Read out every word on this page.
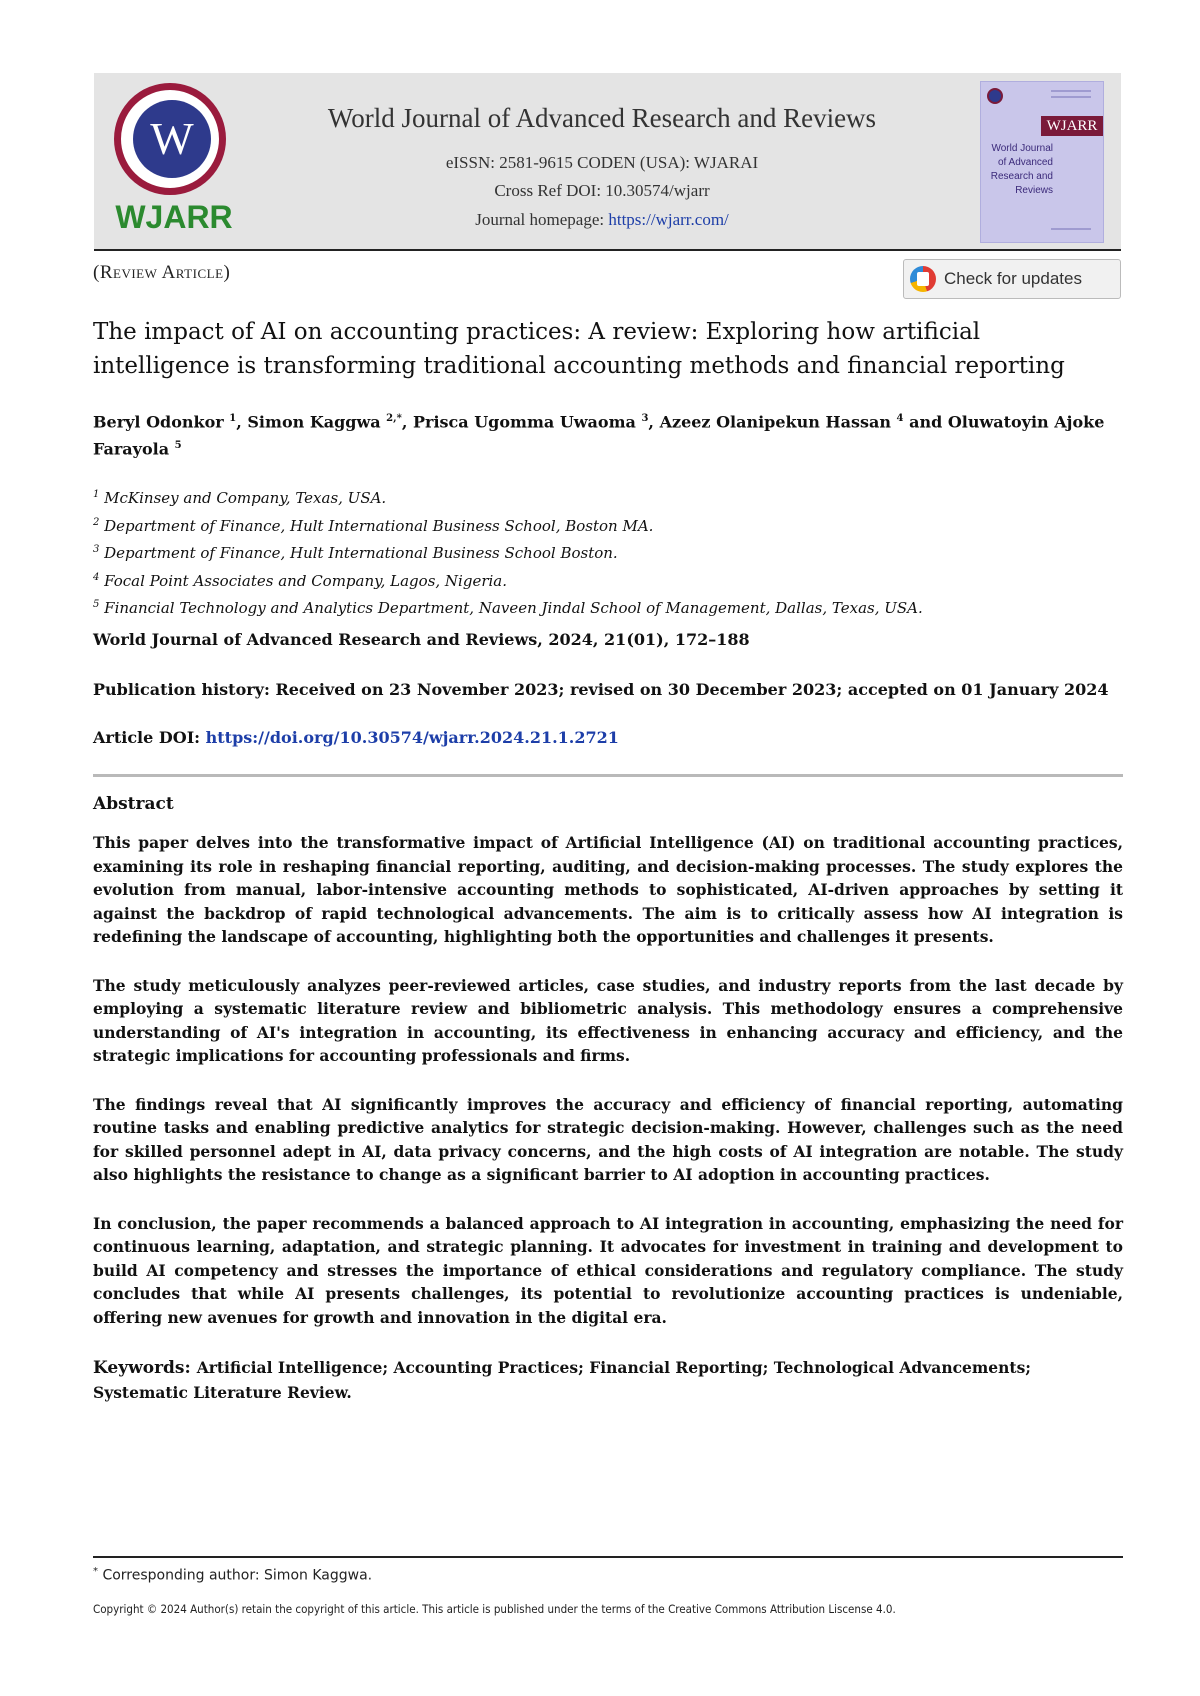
W
WJARR
World Journal of Advanced Research and Reviews
eISSN: 2581-9615 CODEN (USA): WJARAI
Cross Ref DOI: 10.30574/wjarr
Journal homepage: https://wjarr.com/
WJARR
World Journal of Advanced Research and Reviews
(Review Article)	Check for updates
The impact of AI on accounting practices: A review: Exploring how artificial intelligence is transforming traditional accounting methods and financial reporting
Beryl Odonkor $^1$, Simon Kaggwa $^{2,*}$, Prisca Ugomma Uwaoma $^3$, Azeez Olanipekun Hassan $^4$ and Oluwatoyin Ajoke Farayola $^5$
$^1$ McKinsey and Company, Texas, USA.
$^2$ Department of Finance, Hult International Business School, Boston MA.
$^3$ Department of Finance, Hult International Business School Boston.
$^4$ Focal Point Associates and Company, Lagos, Nigeria.
$^5$ Financial Technology and Analytics Department, Naveen Jindal School of Management, Dallas, Texas, USA.
World Journal of Advanced Research and Reviews, 2024, 21(01), 172–188
Publication history: Received on 23 November 2023; revised on 30 December 2023; accepted on 01 January 2024
Article DOI: https://doi.org/10.30574/wjarr.2024.21.1.2721
Abstract

This paper delves into the transformative impact of Artificial Intelligence (AI) on traditional accounting practices, examining its role in reshaping financial reporting, auditing, and decision-making processes. The study explores the evolution from manual, labor-intensive accounting methods to sophisticated, AI-driven approaches by setting it against the backdrop of rapid technological advancements. The aim is to critically assess how AI integration is redefining the landscape of accounting, highlighting both the opportunities and challenges it presents.

The study meticulously analyzes peer-reviewed articles, case studies, and industry reports from the last decade by employing a systematic literature review and bibliometric analysis. This methodology ensures a comprehensive understanding of AI's integration in accounting, its effectiveness in enhancing accuracy and efficiency, and the strategic implications for accounting professionals and firms.

The findings reveal that AI significantly improves the accuracy and efficiency of financial reporting, automating routine tasks and enabling predictive analytics for strategic decision-making. However, challenges such as the need for skilled personnel adept in AI, data privacy concerns, and the high costs of AI integration are notable. The study also highlights the resistance to change as a significant barrier to AI adoption in accounting practices.

In conclusion, the paper recommends a balanced approach to AI integration in accounting, emphasizing the need for continuous learning, adaptation, and strategic planning. It advocates for investment in training and development to build AI competency and stresses the importance of ethical considerations and regulatory compliance. The study concludes that while AI presents challenges, its potential to revolutionize accounting practices is undeniable, offering new avenues for growth and innovation in the digital era.

Keywords: Artificial Intelligence; Accounting Practices; Financial Reporting; Technological Advancements; Systematic Literature Review.
* Corresponding author: Simon Kaggwa.
Copyright © 2024 Author(s) retain the copyright of this article. This article is published under the terms of the Creative Commons Attribution Liscense 4.0.
